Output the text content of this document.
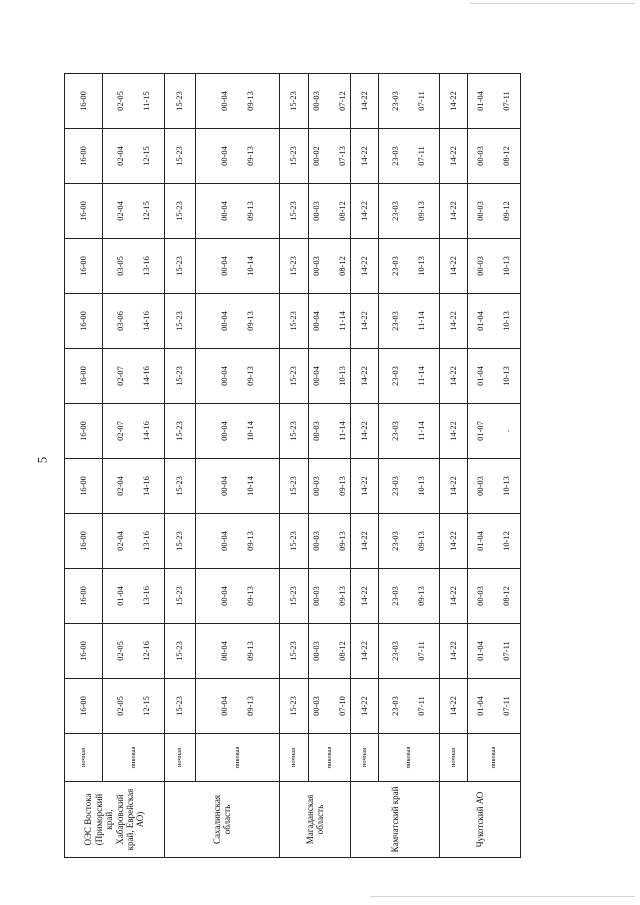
5
ОЭС Востока (Приморский край, Хабаровский край, Еврейская АО)	ночная	16-00	16-00	16-00	16-00	16-00	16-00	16-00	16-00	16-00	16-00	16-00	16-00

	пиковая	02-05 12-15	02-05 12-16	01-04 13-16	02-04 13-16	02-04 14-16	02-07 14-16	02-07 14-16	03-06 14-16	03-05 13-16	02-04 12-15	02-04 12-15	02-05 11-15

Сахалинская область	ночная	15-23	15-23	15-23	15-23	15-23	15-23	15-23	15-23	15-23	15-23	15-23	15-23

	пиковая	00-04 09-13	00-04 09-13	00-04 09-13	00-04 09-13	00-04 10-14	00-04 10-14	00-04 09-13	00-04 09-13	00-04 10-14	00-04 09-13	00-04 09-13	00-04 09-13

Магаданская область	ночная	15-23	15-23	15-23	15-23	15-23	15-23	15-23	15-23	15-23	15-23	15-23	15-23

	пиковая	00-03 07-10	00-03 08-12	00-03 09-13	00-03 09-13	00-03 09-13	00-03 11-14	00-04 10-13	00-04 11-14	00-03 08-12	00-03 08-12	00-02 07-13	00-03 07-12

Камчатский край	ночная	14-22	14-22	14-22	14-22	14-22	14-22	14-22	14-22	14-22	14-22	14-22	14-22

	пиковая	23-03 07-11	23-03 07-11	23-03 09-13	23-03 09-13	23-03 10-13	23-03 11-14	23-03 11-14	23-03 11-14	23-03 10-13	23-03 09-13	23-03 07-11	23-03 07-11

Чукотский АО	ночная	14-22	14-22	14-22	14-22	14-22	14-22	14-22	14-22	14-22	14-22	14-22	14-22

	пиковая	01-04 07-11	01-04 07-11	00-03 08-12	01-04 10-12	00-03 10-13	01-07 .	01-04 10-13	01-04 10-13	00-03 10-13	00-03 09-12	00-03 08-12	01-04 07-11
